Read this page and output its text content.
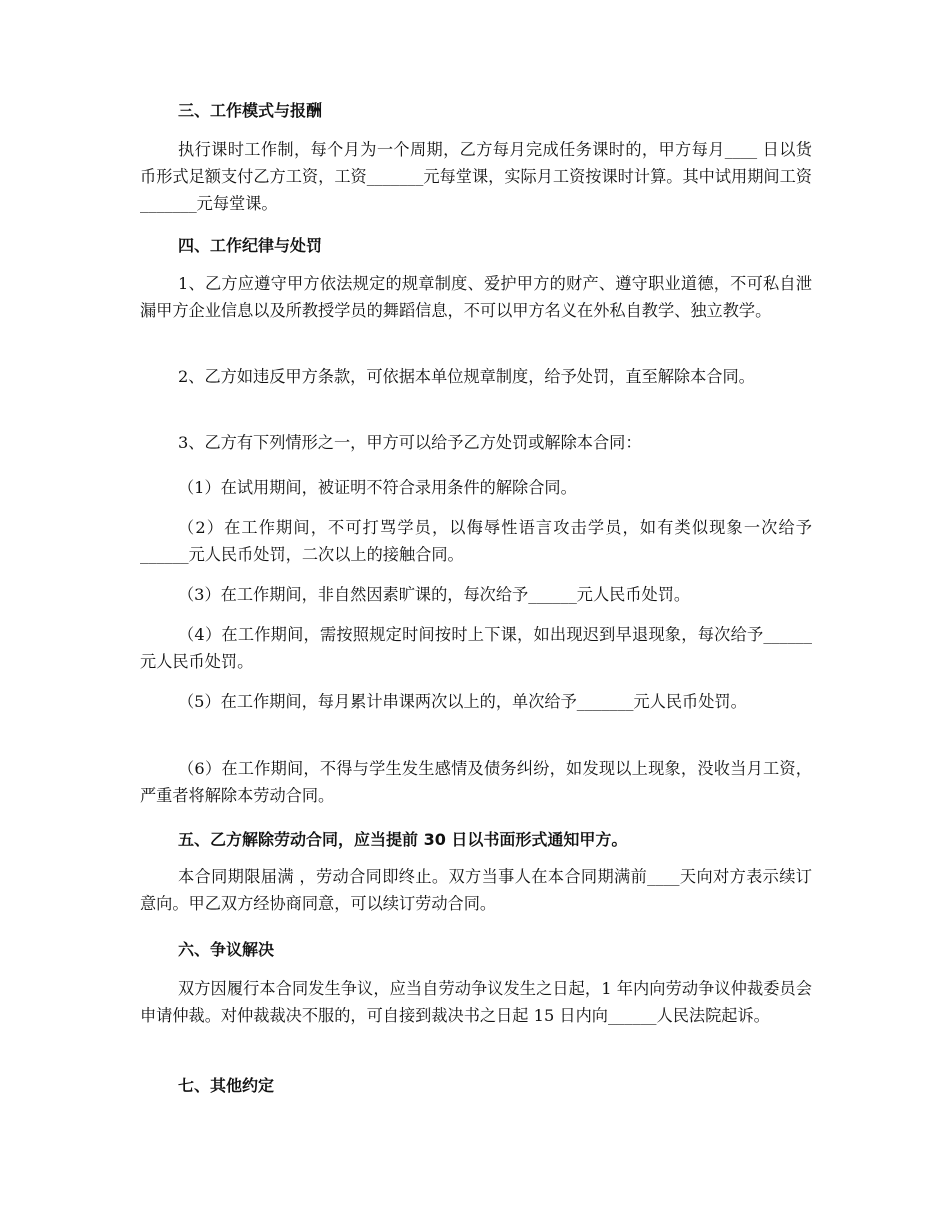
三、工作模式与报酬

执行课时工作制，每个月为一个周期，乙方每月完成任务课时的，甲方每月____ 日以货币形式足额支付乙方工资，工资_______元每堂课，实际月工资按课时计算。其中试用期间工资_______元每堂课。

四、工作纪律与处罚

1、乙方应遵守甲方依法规定的规章制度、爱护甲方的财产、遵守职业道德，不可私自泄漏甲方企业信息以及所教授学员的舞蹈信息，不可以甲方名义在外私自教学、独立教学。

2、乙方如违反甲方条款，可依据本单位规章制度，给予处罚，直至解除本合同。

3、乙方有下列情形之一，甲方可以给予乙方处罚或解除本合同：

（1）在试用期间，被证明不符合录用条件的解除合同。

（2）在工作期间，不可打骂学员，以侮辱性语言攻击学员，如有类似现象一次给予______元人民币处罚，二次以上的接触合同。

（3）在工作期间，非自然因素旷课的，每次给予______元人民币处罚。

（4）在工作期间，需按照规定时间按时上下课，如出现迟到早退现象，每次给予______元人民币处罚。

（5）在工作期间，每月累计串课两次以上的，单次给予_______元人民币处罚。

（6）在工作期间，不得与学生发生感情及债务纠纷，如发现以上现象，没收当月工资，严重者将解除本劳动合同。

五、乙方解除劳动合同，应当提前 30 日以书面形式通知甲方。

本合同期限届满 ，劳动合同即终止。双方当事人在本合同期满前____天向对方表示续订意向。甲乙双方经协商同意，可以续订劳动合同。

六、争议解决

双方因履行本合同发生争议，应当自劳动争议发生之日起，1 年内向劳动争议仲裁委员会申请仲裁。对仲裁裁决不服的，可自接到裁决书之日起 15 日内向______人民法院起诉。

七、其他约定
